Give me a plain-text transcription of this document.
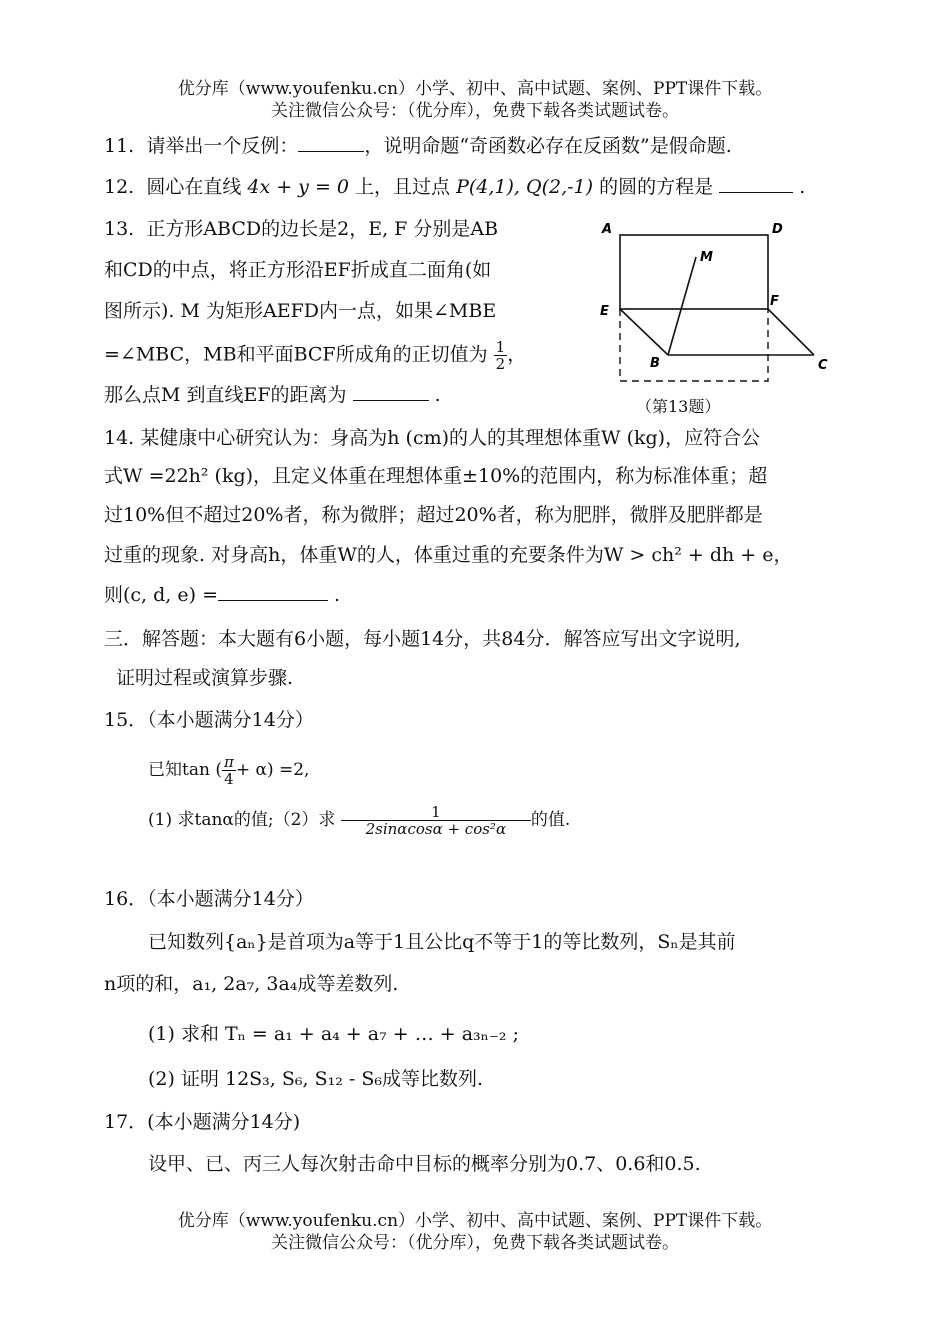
优分库（www.youfenku.cn）小学、初中、高中试题、案例、PPT课件下载。
关注微信公众号：（优分库），免费下载各类试题试卷。
11. 请举出一个反例：	，说明命题“奇函数必存在反函数”是假命题.
12. 圆心在直线 4x + y = 0 上，且过点 P(4,1), Q(2,-1) 的圆的方程是	.
13. 正方形ABCD的边长是2，E, F 分别是AB
和CD的中点，将正方形沿EF折成直二面角(如
图所示). M 为矩形AEFD内一点，如果∠MBE
=∠MBC，MB和平面BCF所成角的正切值为 $\frac{1}{2}$ ，
那么点M 到直线EF的距离为	.
A	D
M
E
F
B	C
（第13题）
14. 某健康中心研究认为：身高为h (cm)的人的其理想体重W (kg)，应符合公
式W =22h² (kg)，且定义体重在理想体重±10%的范围内，称为标准体重；超
过10%但不超过20%者，称为微胖；超过20%者，称为肥胖，微胖及肥胖都是
过重的现象. 对身高h，体重W的人，体重过重的充要条件为W > ch² + dh + e，
则(c, d, e) =	.
三．解答题：本大题有6小题，每小题14分，共84分．解答应写出文字说明,
证明过程或演算步骤.
15．（本小题满分14分）
已知tan ( $\frac{\pi}{4} + \alpha) =2$,
(1) 求tanα的值;（2）求 $\frac{1}{\text{2sinαcosα + cos²α}}$ 的值.
16．（本小题满分14分）
已知数列{aₙ}是首项为a等于1且公比q不等于1的等比数列，Sₙ是其前
n项的和，a₁, 2a₇, 3a₄成等差数列.
(1) 求和 Tₙ = a₁ + a₄ + a₇ + … + a₃ₙ₋₂ ;
(2) 证明 12S₃, S₆, S₁₂ - S₆成等比数列.
17．(本小题满分14分)
设甲、已、丙三人每次射击命中目标的概率分别为0.7、0.6和0.5.
优分库（www.youfenku.cn）小学、初中、高中试题、案例、PPT课件下载。
关注微信公众号：（优分库），免费下载各类试题试卷。
